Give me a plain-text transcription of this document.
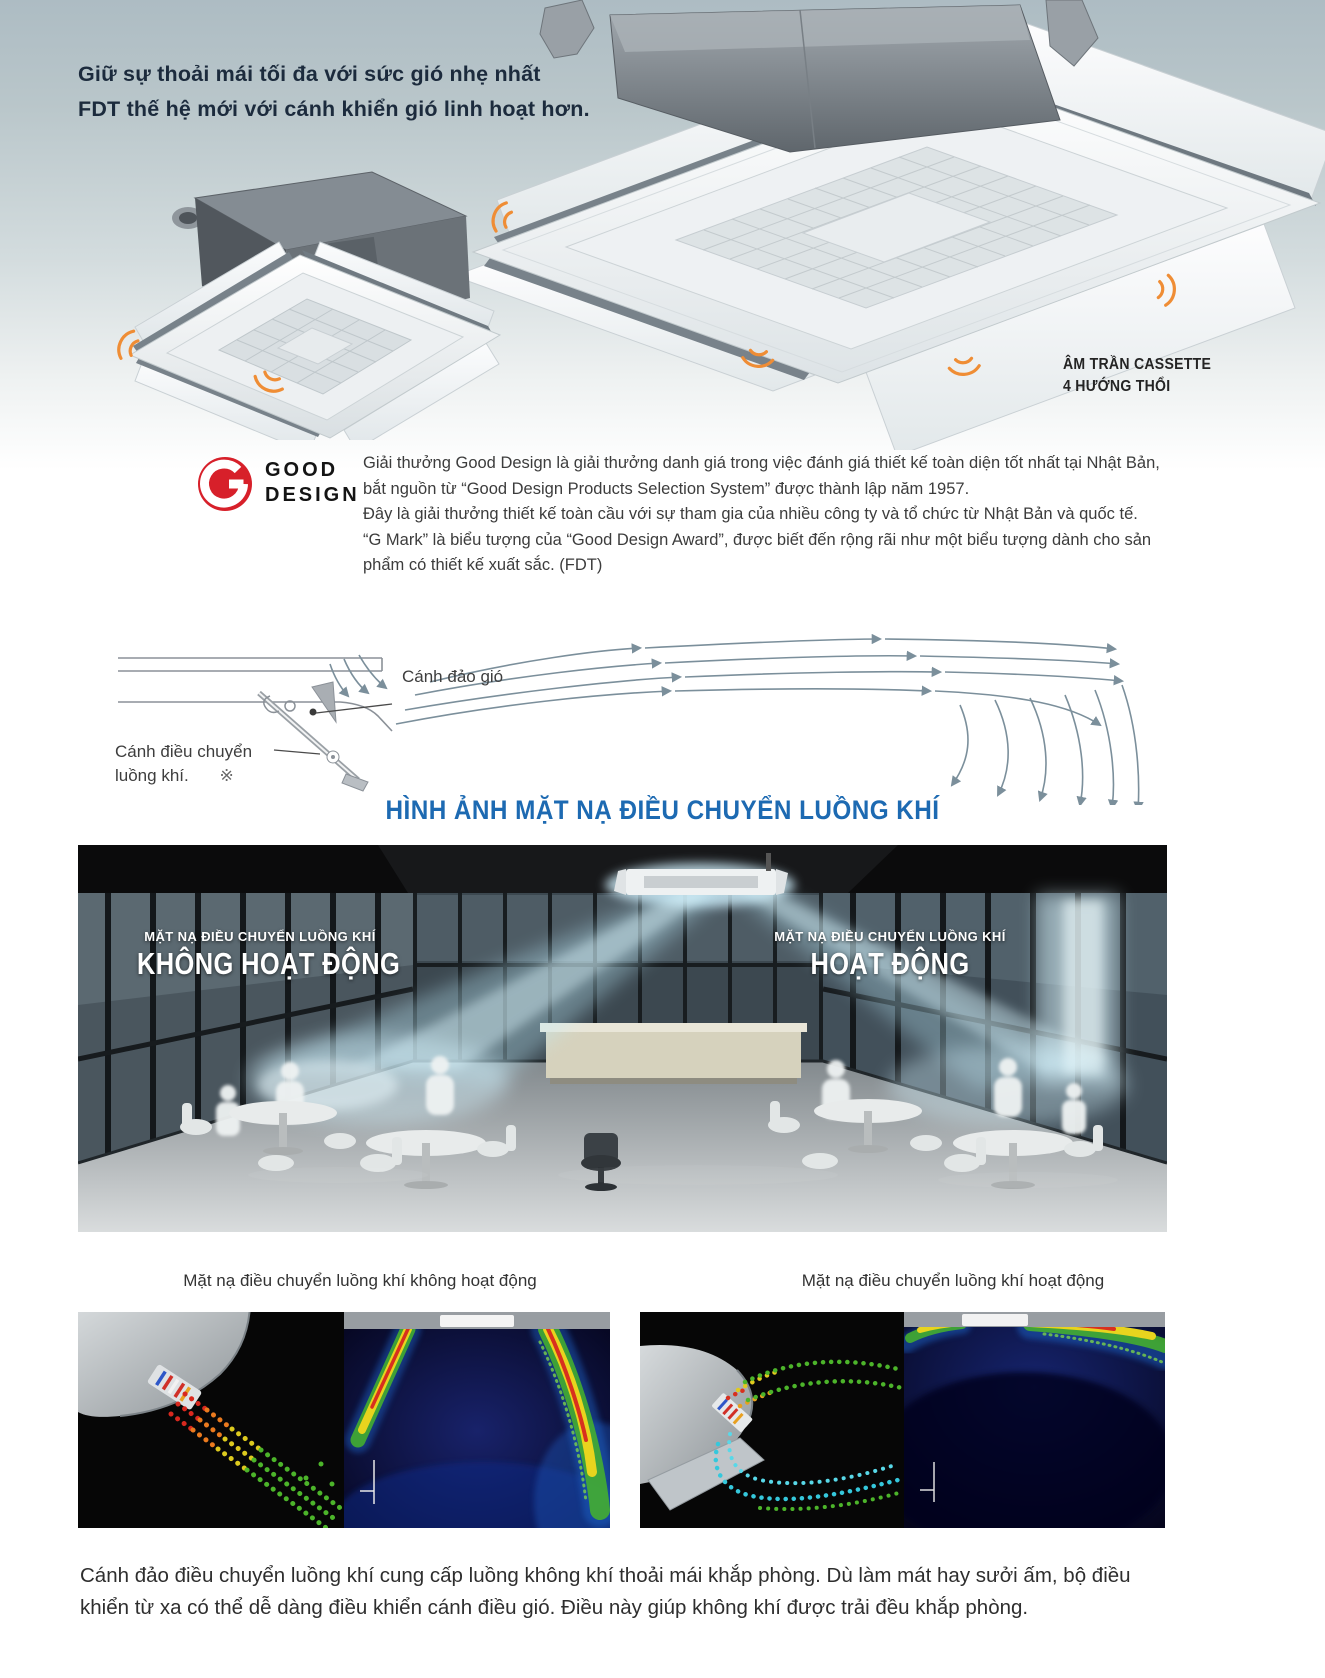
Giữ sự thoải mái tối đa với sức gió nhẹ nhất
FDT thế hệ mới với cánh khiển gió linh hoạt hơn.
ÂM TRẦN CASSETTE
4 HƯỚNG THỔI
GOOD
DESIGN
Giải thưởng Good Design là giải thưởng danh giá trong việc đánh giá thiết kế toàn diện tốt nhất tại Nhật Bản,
bắt nguồn từ “Good Design Products Selection System” được thành lập năm 1957.
Đây là giải thưởng thiết kế toàn cầu với sự tham gia của nhiều công ty và tổ chức từ Nhật Bản và quốc tế.
“G Mark” là biểu tượng của “Good Design Award”, được biết đến rộng rãi như một biểu tượng dành cho sản
phẩm có thiết kế xuất sắc. (FDT)
Cánh đảo gió
Cánh điều chuyển
luồng khí. ※
HÌNH ẢNH MẶT NẠ ĐIỀU CHUYỂN LUỒNG KHÍ
MẶT NẠ ĐIỀU CHUYỂN LUỒNG KHÍ
KHÔNG HOẠT ĐỘNG
MẶT NẠ ĐIỀU CHUYỂN LUỒNG KHÍ
HOẠT ĐỘNG
Mặt nạ điều chuyển luồng khí không hoạt động	Mặt nạ điều chuyển luồng khí hoạt động
Cánh đảo điều chuyển luồng khí cung cấp luồng không khí thoải mái khắp phòng. Dù làm mát hay sưởi ấm, bộ điều
khiển từ xa có thể dễ dàng điều khiển cánh điều gió. Điều này giúp không khí được trải đều khắp phòng.
